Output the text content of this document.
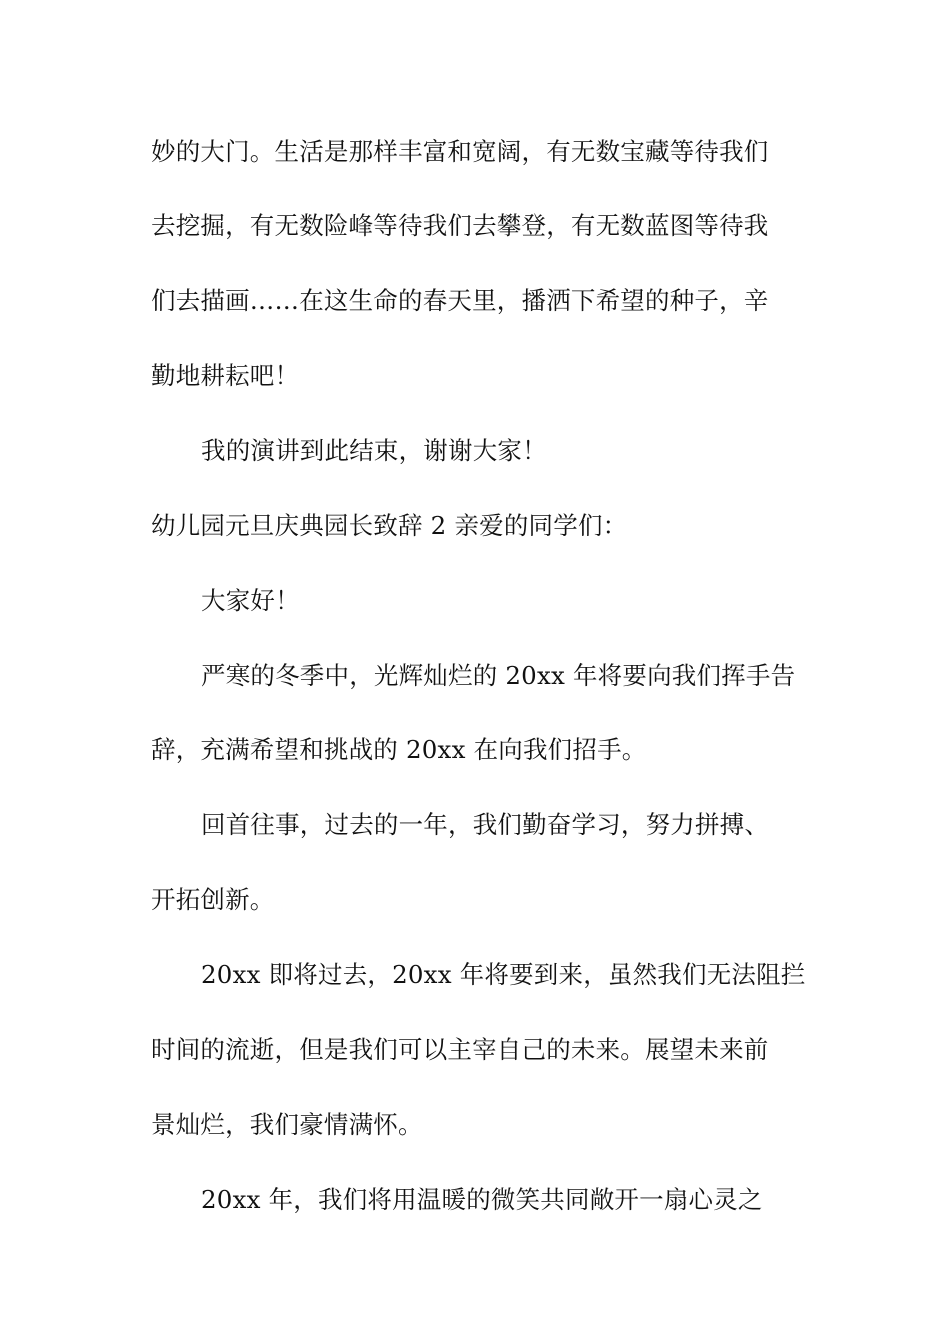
妙的大门。生活是那样丰富和宽阔，有无数宝藏等待我们
去挖掘，有无数险峰等待我们去攀登，有无数蓝图等待我
们去描画……在这生命的春天里，播洒下希望的种子，辛
勤地耕耘吧！
我的演讲到此结束，谢谢大家！
幼儿园元旦庆典园长致辞 2 亲爱的同学们：
大家好！
严寒的冬季中，光辉灿烂的 20xx 年将要向我们挥手告
辞，充满希望和挑战的 20xx 在向我们招手。
回首往事，过去的一年，我们勤奋学习，努力拼搏、
开拓创新。
20xx 即将过去，20xx 年将要到来，虽然我们无法阻拦
时间的流逝，但是我们可以主宰自己的未来。展望未来前
景灿烂，我们豪情满怀。
20xx 年，我们将用温暖的微笑共同敞开一扇心灵之
